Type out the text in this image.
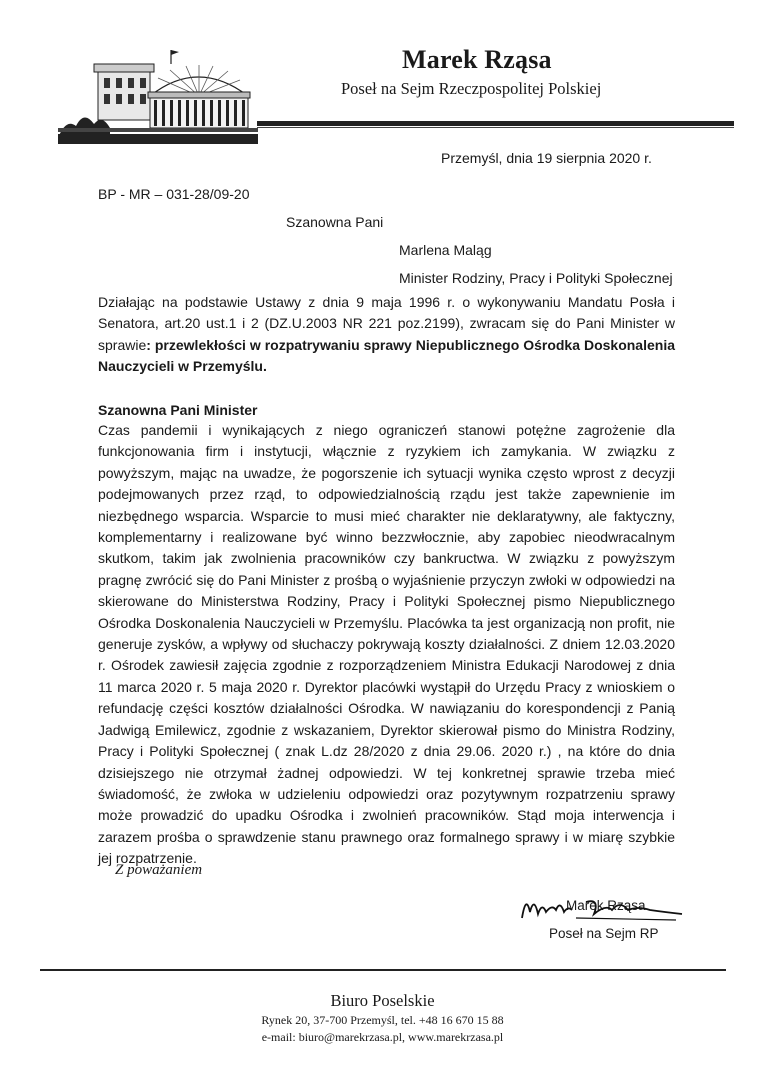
Marek Rząsa
Poseł na Sejm Rzeczpospolitej Polskiej
Przemyśl, dnia 19 sierpnia 2020 r.
BP - MR – 031-28/09-20
Szanowna Pani
Marlena Maląg
Minister Rodziny, Pracy i Polityki Społecznej
Działając na podstawie Ustawy z dnia 9 maja 1996 r. o wykonywaniu Mandatu Posła i Senatora, art.20 ust.1 i 2 (DZ.U.2003 NR 221 poz.2199), zwracam się do Pani Minister w sprawie: przewlekłości w rozpatrywaniu sprawy Niepublicznego Ośrodka Doskonalenia Nauczycieli w Przemyślu.
Szanowna Pani Minister
Czas pandemii i wynikających z niego ograniczeń stanowi potężne zagrożenie dla funkcjonowania firm i instytucji, włącznie z ryzykiem ich zamykania. W związku z powyższym, mając na uwadze, że pogorszenie ich sytuacji wynika często wprost z decyzji podejmowanych przez rząd, to odpowiedzialnością rządu jest także zapewnienie im niezbędnego wsparcia. Wsparcie to musi mieć charakter nie deklaratywny, ale faktyczny, komplementarny i realizowane być winno bezzwłocznie, aby zapobiec nieodwracalnym skutkom, takim jak zwolnienia pracowników czy bankructwa. W związku z powyższym pragnę zwrócić się do Pani Minister z prośbą o wyjaśnienie przyczyn zwłoki w odpowiedzi na skierowane do Ministerstwa Rodziny, Pracy i Polityki Społecznej pismo Niepublicznego Ośrodka Doskonalenia Nauczycieli w Przemyślu. Placówka ta jest organizacją non profit, nie generuje zysków, a wpływy od słuchaczy pokrywają koszty działalności. Z dniem 12.03.2020 r. Ośrodek zawiesił zajęcia zgodnie z rozporządzeniem Ministra Edukacji Narodowej z dnia 11 marca 2020 r. 5 maja 2020 r. Dyrektor placówki wystąpił do Urzędu Pracy z wnioskiem o refundację części kosztów działalności Ośrodka. W nawiązaniu do korespondencji z Panią Jadwigą Emilewicz, zgodnie z wskazaniem, Dyrektor skierował pismo do Ministra Rodziny, Pracy i Polityki Społecznej ( znak L.dz 28/2020 z dnia 29.06. 2020 r.) , na które do dnia dzisiejszego nie otrzymał żadnej odpowiedzi. W tej konkretnej sprawie trzeba mieć świadomość, że zwłoka w udzieleniu odpowiedzi oraz pozytywnym rozpatrzeniu sprawy może prowadzić do upadku Ośrodka i zwolnień pracowników. Stąd moja interwencja i zarazem prośba o sprawdzenie stanu prawnego oraz formalnego sprawy i w miarę szybkie jej rozpatrzenie.
Z poważaniem
Marek Rząsa
Poseł na Sejm RP
Biuro Poselskie
Rynek 20, 37-700 Przemyśl, tel. +48 16 670 15 88
e-mail: biuro@marekrzasa.pl, www.marekrzasa.pl
